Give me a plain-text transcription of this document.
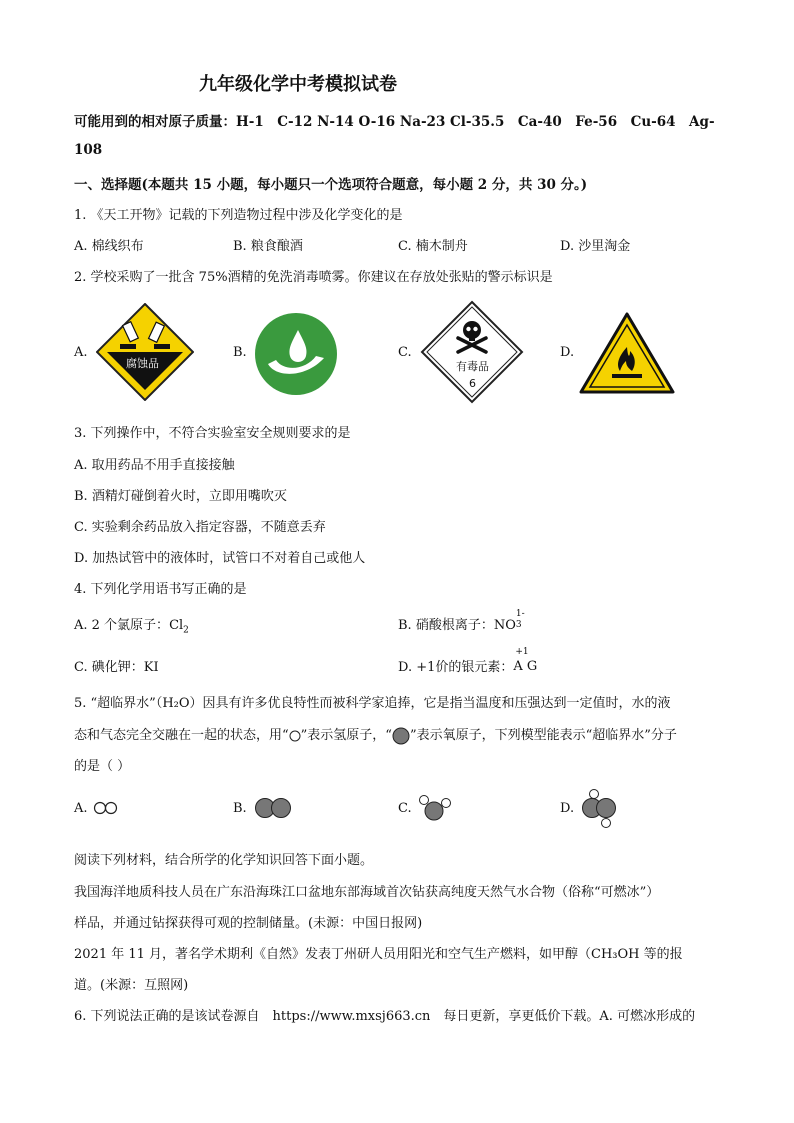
九年级化学中考模拟试卷
可能用到的相对原子质量：H-1　C-12 N-14 O-16 Na-23 Cl-35.5　Ca-40　Fe-56　Cu-64　Ag-
108
一、选择题(本题共 15 小题，每小题只一个选项符合题意，每小题 2 分，共 30 分。)
1. 《天工开物》记载的下列造物过程中涉及化学变化的是
A. 棉线织布	B. 粮食酿酒	C. 楠木制舟	D. 沙里淘金
2. 学校采购了一批含 75%酒精的免洗消毒喷雾。你建议在存放处张贴的警示标识是
A.	B.	C.	D.
腐蚀品	有毒品
6
3. 下列操作中，不符合实验室安全规则要求的是
A. 取用药品不用手直接接触
B. 酒精灯碰倒着火时，立即用嘴吹灭
C. 实验剩余药品放入指定容器，不随意丢弃
D. 加热试管中的液体时，试管口不对着自己或他人
4. 下列化学用语书写正确的是
A. 2 个氯原子：$Cl_2$	B. 硝酸根离子：NO
1-
3
C. 碘化钾：KI	D. +1价的银元素：
+1
A G
5. “超临界水”（H₂O）因具有许多优良特性而被科学家追捧，它是指当温度和压强达到一定值时，水的液
态和气态完全交融在一起的状态，用“ ”表示氢原子，“ ”表示氧原子，下列模型能表示“超临界水”分子
的是（ ）
A.	B.	C.	D.
阅读下列材料，结合所学的化学知识回答下面小题。
我国海洋地质科技人员在广东沿海珠江口盆地东部海域首次钻获高纯度天然气水合物（俗称“可燃冰”）
样品，并通过钻探获得可观的控制储量。(未源：中国日报网)
2021 年 11 月，著名学术期利《自然》发表丁州研人员用阳光和空气生产燃料，如甲醇（CH₃OH 等的报
道。(米源：互照网)
6. 下列说法正确的是该试卷源自　https://www.mxsj663.cn　每日更新，享更低价下载。A. 可燃冰形成的
